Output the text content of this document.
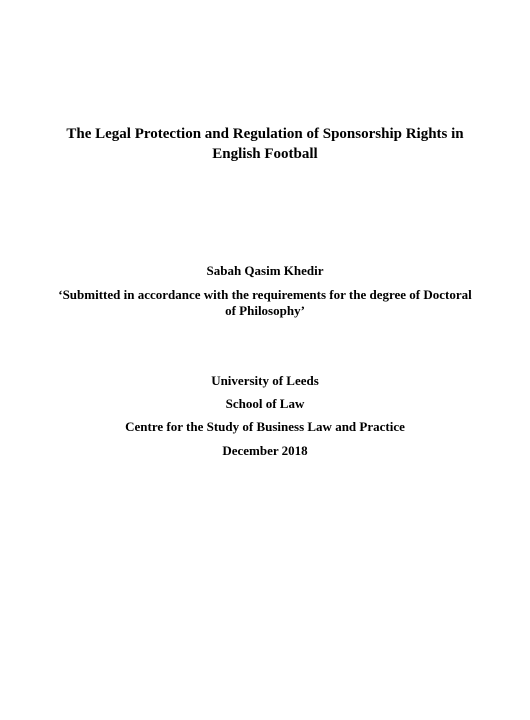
The Legal Protection and Regulation of Sponsorship Rights in
English Football
Sabah Qasim Khedir
‘Submitted in accordance with the requirements for the degree of Doctoral
of Philosophy’
University of Leeds
School of Law
Centre for the Study of Business Law and Practice
December 2018
